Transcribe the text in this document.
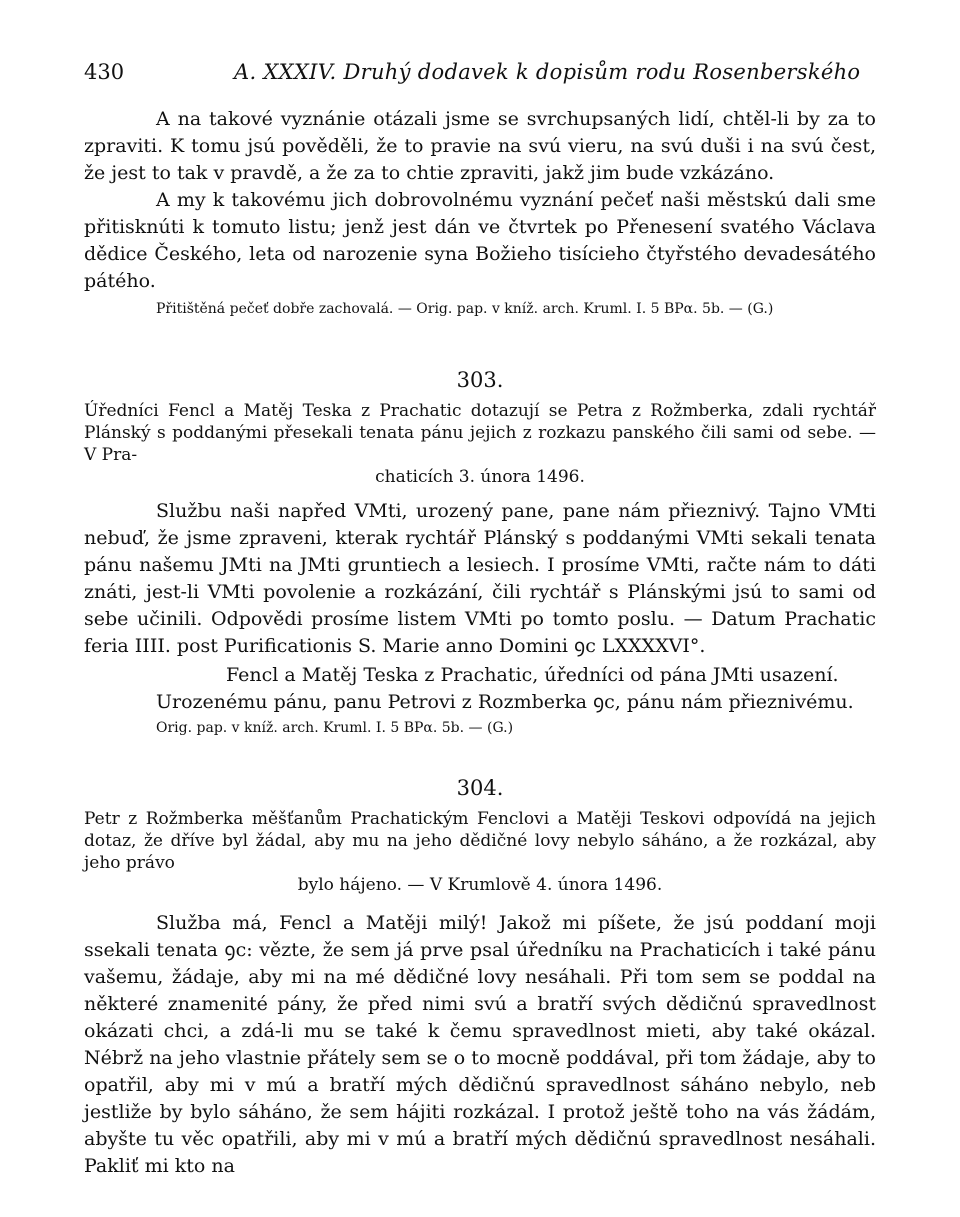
430	A. XXXIV. Druhý dodavek k dopisům rodu Rosenberského

A na takové vyznánie otázali jsme se svrchupsaných lidí, chtěl-li by za to zpraviti. K tomu jsú pověděli, že to pravie na svú vieru, na svú duši i na svú čest, že jest to tak v pravdě, a že za to chtie zpraviti, jakž jim bude vzkázáno.

A my k takovému jich dobrovolnému vyznání pečeť naši městskú dali sme přitisknúti k tomuto listu; jenž jest dán ve čtvrtek po Přenesení svatého Václava dědice Českého, leta od narozenie syna Božieho tisícieho čtyřstého devadesátého pátého.

Přitištěná pečeť dobře zachovalá. — Orig. pap. v kníž. arch. Kruml. I. 5 BPα. 5b. — (G.)

303.

Úředníci Fencl a Matěj Teska z Prachatic dotazují se Petra z Rožmberka, zdali rychtář Plánský s poddanými přesekali tenata pánu jejich z rozkazu panského čili sami od sebe. — V Pra-
chaticích 3. února 1496.

Službu naši napřed VMti, urozený pane, pane nám přieznivý. Tajno VMti nebuď, že jsme zpraveni, kterak rychtář Plánský s poddanými VMti sekali tenata pánu našemu JMti na JMti gruntiech a lesiech. I prosíme VMti, račte nám to dáti znáti, jest-li VMti povolenie a rozkázání, čili rychtář s Plánskými jsú to sami od sebe učinili. Odpovědi prosíme listem VMti po tomto poslu. — Datum Prachatic feria IIII. post Purificationis S. Marie anno Domini ꝯc LXXXXVI°.

Fencl a Matěj Teska z Prachatic, úředníci od pána JMti usazení.

Urozenému pánu, panu Petrovi z Rozmberka ꝯc, pánu nám přieznivému.

Orig. pap. v kníž. arch. Kruml. I. 5 BPα. 5b. — (G.)

304.

Petr z Rožmberka měšťanům Prachatickým Fenclovi a Matěji Teskovi odpovídá na jejich dotaz, že dříve byl žádal, aby mu na jeho dědičné lovy nebylo sáháno, a že rozkázal, aby jeho právo
bylo hájeno. — V Krumlově 4. února 1496.

Služba má, Fencl a Matěji milý! Jakož mi píšete, že jsú poddaní moji ssekali tenata ꝯc: vězte, že sem já prve psal úředníku na Prachaticích i také pánu vašemu, žádaje, aby mi na mé dědičné lovy nesáhali. Při tom sem se poddal na některé znamenité pány, že před nimi svú a bratří svých dědičnú spravedlnost okázati chci, a zdá-li mu se také k čemu spravedlnost mieti, aby také okázal. Nébrž na jeho vlastnie přátely sem se o to mocně poddával, při tom žádaje, aby to opatřil, aby mi v mú a bratří mých dědičnú spravedlnost sáháno nebylo, neb jestliže by bylo sáháno, že sem hájiti rozkázal. I protož ještě toho na vás žádám, abyšte tu věc opatřili, aby mi v mú a bratří mých dědičnú spravedlnost nesáhali. Pakliť mi kto na
